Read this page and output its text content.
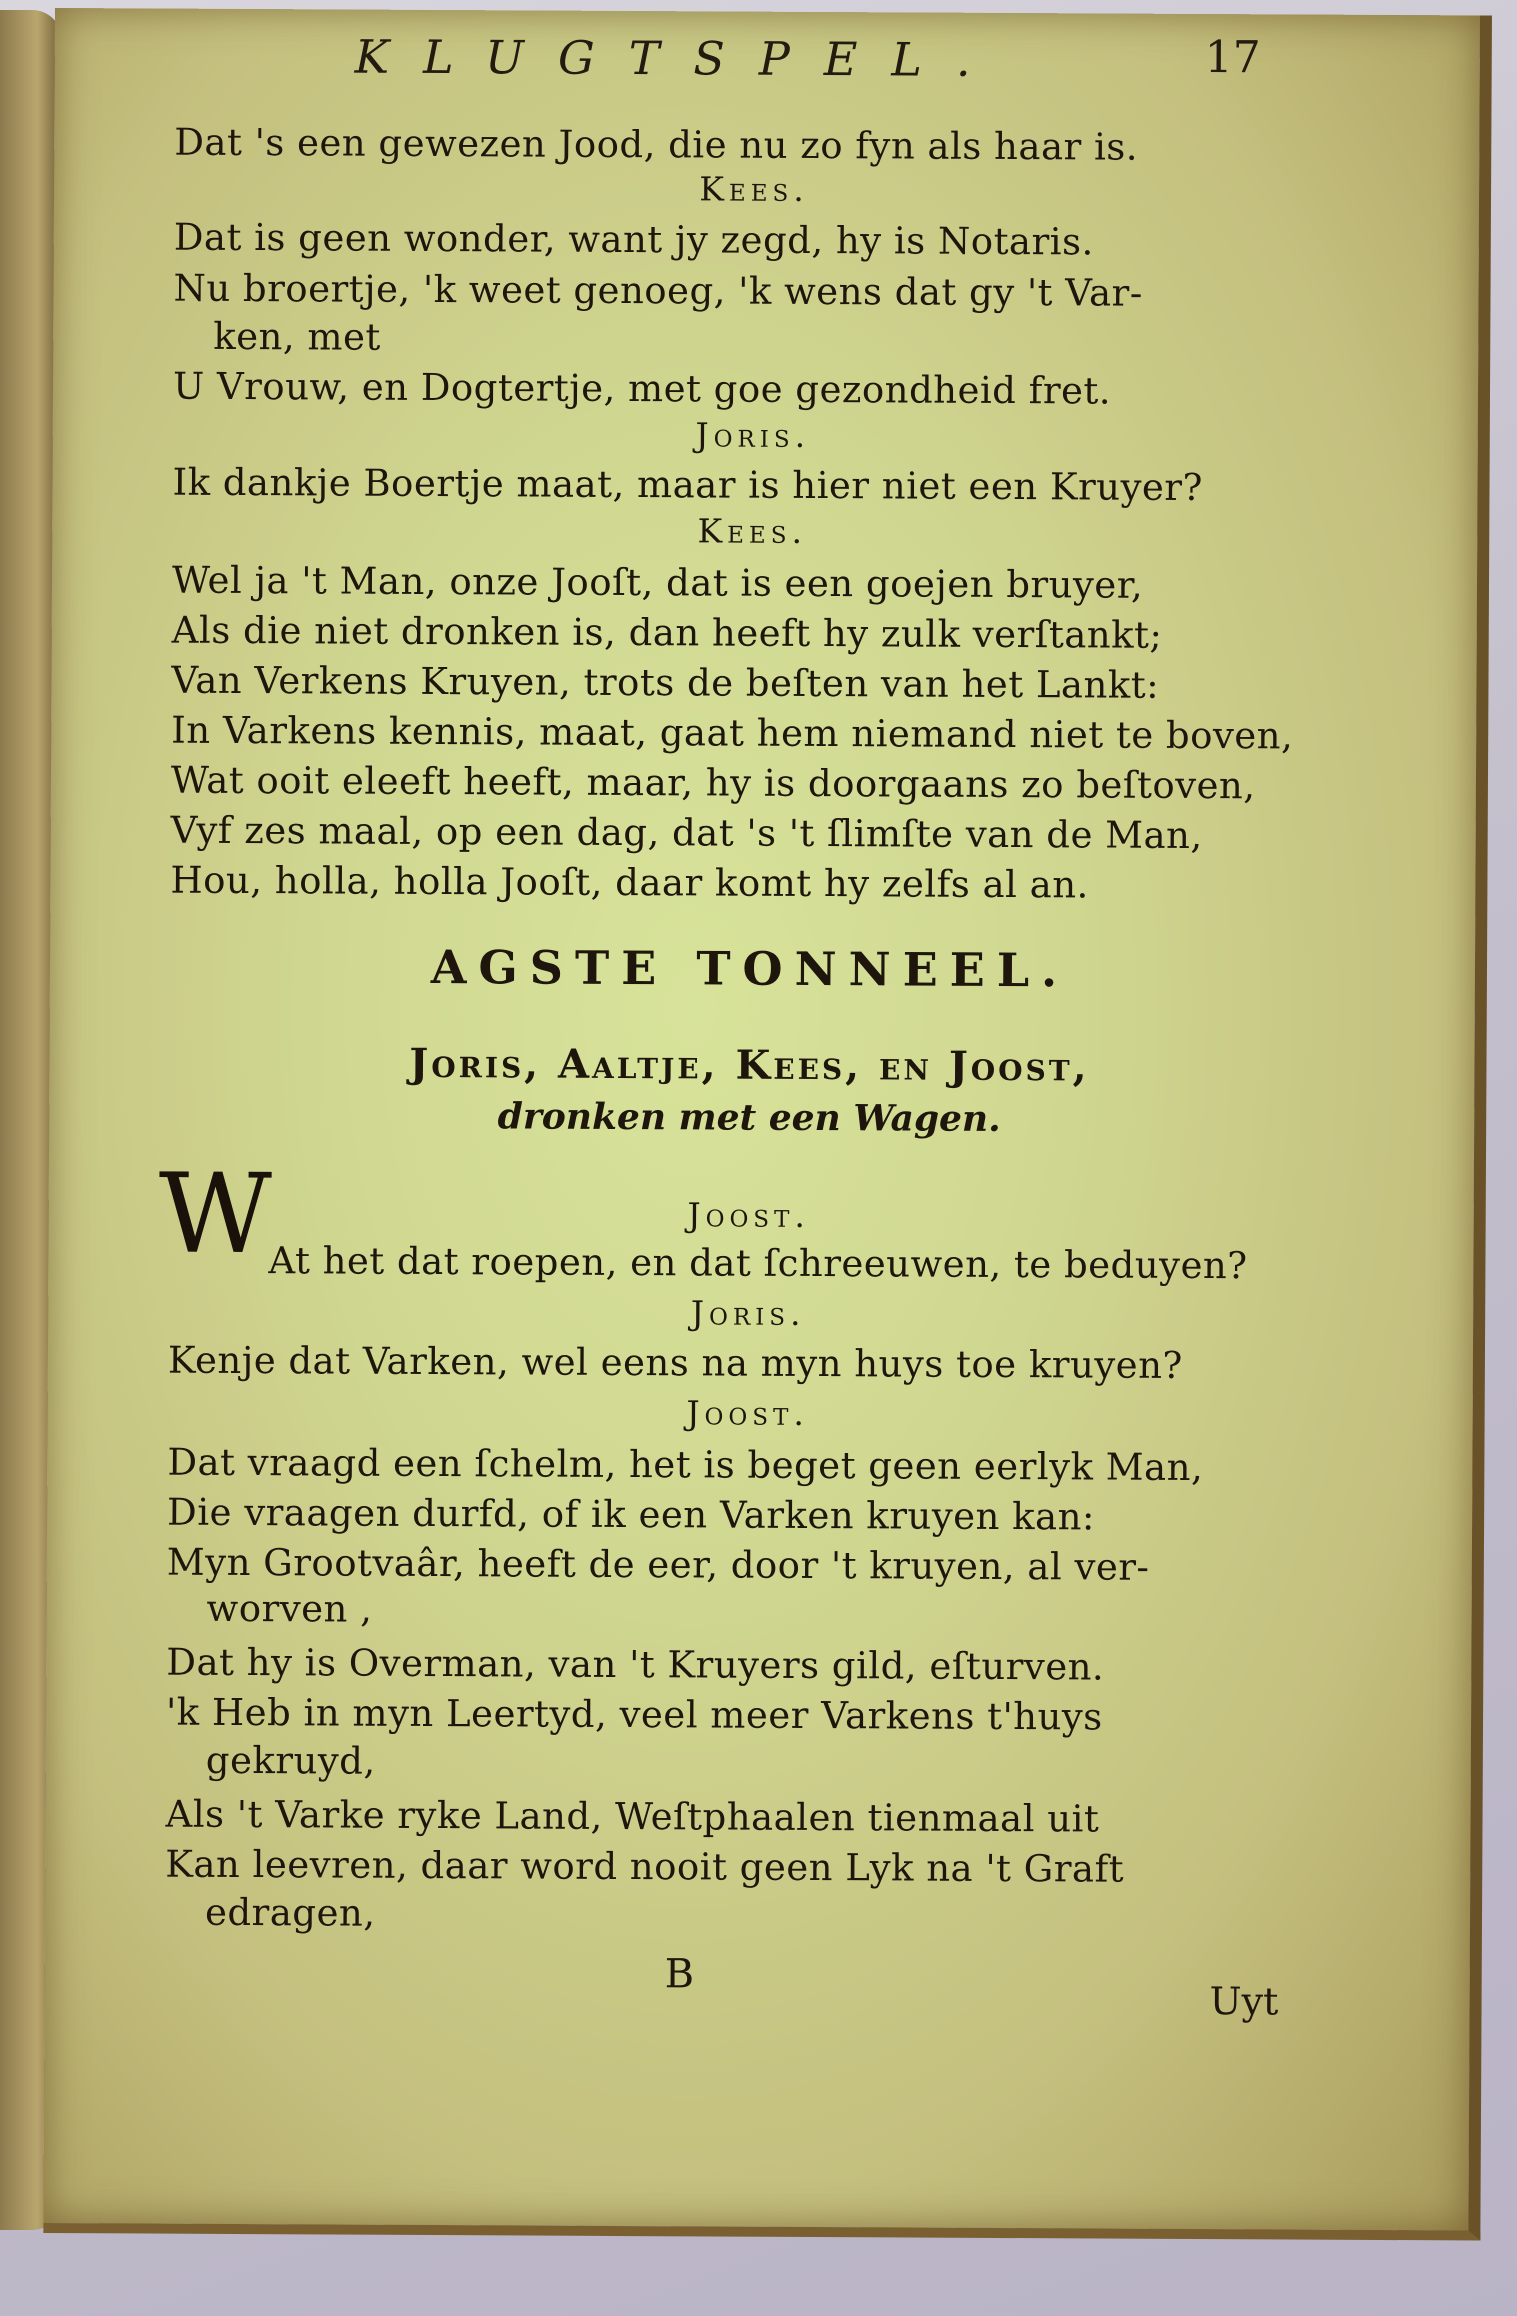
KLUGTSPEL.	17
Dat 's een gewezen Jood, die nu zo fyn als haar is.
Kees.
Dat is geen wonder, want jy zegd, hy is Notaris.
Nu broertje, 'k weet genoeg, 'k wens dat gy 't Var-
ken, met
U Vrouw, en Dogtertje, met goe gezondheid fret.
Joris.
Ik dankje Boertje maat, maar is hier niet een Kruyer?
Kees.
Wel ja 't Man, onze Jooſt, dat is een goejen bruyer,
Als die niet dronken is, dan heeft hy zulk verſtankt;
Van Verkens Kruyen, trots de beſten van het Lankt:
In Varkens kennis, maat, gaat hem niemand niet te boven,
Wat ooit eleeft heeft, maar, hy is doorgaans zo beſtoven,
Vyf zes maal, op een dag, dat 's 't ſlimſte van de Man,
Hou, holla, holla Jooſt, daar komt hy zelfs al an.
AGSTE TONNEEL.
Joris, Aaltje, Kees, en Joost,
dronken met een Wagen.
W	Joost.
At het dat roepen, en dat ſchreeuwen, te beduyen?
Joris.
Kenje dat Varken, wel eens na myn huys toe kruyen?
Joost.
Dat vraagd een ſchelm, het is beget geen eerlyk Man,
Die vraagen durfd, of ik een Varken kruyen kan:
Myn Grootvaâr, heeft de eer, door 't kruyen, al ver-
worven ,
Dat hy is Overman, van 't Kruyers gild, eſturven.
'k Heb in myn Leertyd, veel meer Varkens t'huys
gekruyd,
Als 't Varke ryke Land, Weſtphaalen tienmaal uit
Kan leevren, daar word nooit geen Lyk na 't Graft
edragen,
B
Uyt
